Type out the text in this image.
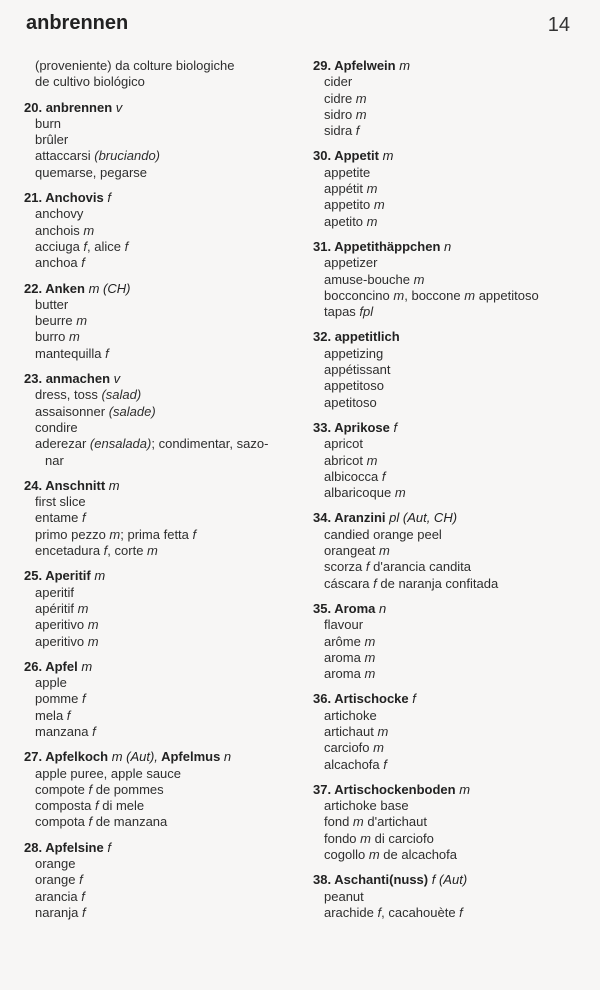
anbrennen	14
(proveniente) da colture biologiche
de cultivo biológico
20. anbrennen v
burn
brûler
attaccarsi (bruciando)
quemarse, pegarse
21. Anchovis f
anchovy
anchois m
acciuga f, alice f
anchoa f
22. Anken m (CH)
butter
beurre m
burro m
mantequilla f
23. anmachen v
dress, toss (salad)
assaisonner (salade)
condire
aderezar (ensalada); condimentar, sazo-
nar
24. Anschnitt m
first slice
entame f
primo pezzo m; prima fetta f
encetadura f, corte m
25. Aperitif m
aperitif
apéritif m
aperitivo m
aperitivo m
26. Apfel m
apple
pomme f
mela f
manzana f
27. Apfelkoch m (Aut), Apfelmus n
apple puree, apple sauce
compote f de pommes
composta f di mele
compota f de manzana
28. Apfelsine f
orange
orange f
arancia f
naranja f
29. Apfelwein m
cider
cidre m
sidro m
sidra f
30. Appetit m
appetite
appétit m
appetito m
apetito m
31. Appetithäppchen n
appetizer
amuse-bouche m
bocconcino m, boccone m appetitoso
tapas fpl
32. appetitlich
appetizing
appétissant
appetitoso
apetitoso
33. Aprikose f
apricot
abricot m
albicocca f
albaricoque m
34. Aranzini pl (Aut, CH)
candied orange peel
orangeat m
scorza f d'arancia candita
cáscara f de naranja confitada
35. Aroma n
flavour
arôme m
aroma m
aroma m
36. Artischocke f
artichoke
artichaut m
carciofo m
alcachofa f
37. Artischockenboden m
artichoke base
fond m d'artichaut
fondo m di carciofo
cogollo m de alcachofa
38. Aschanti(nuss) f (Aut)
peanut
arachide f, cacahouète f
